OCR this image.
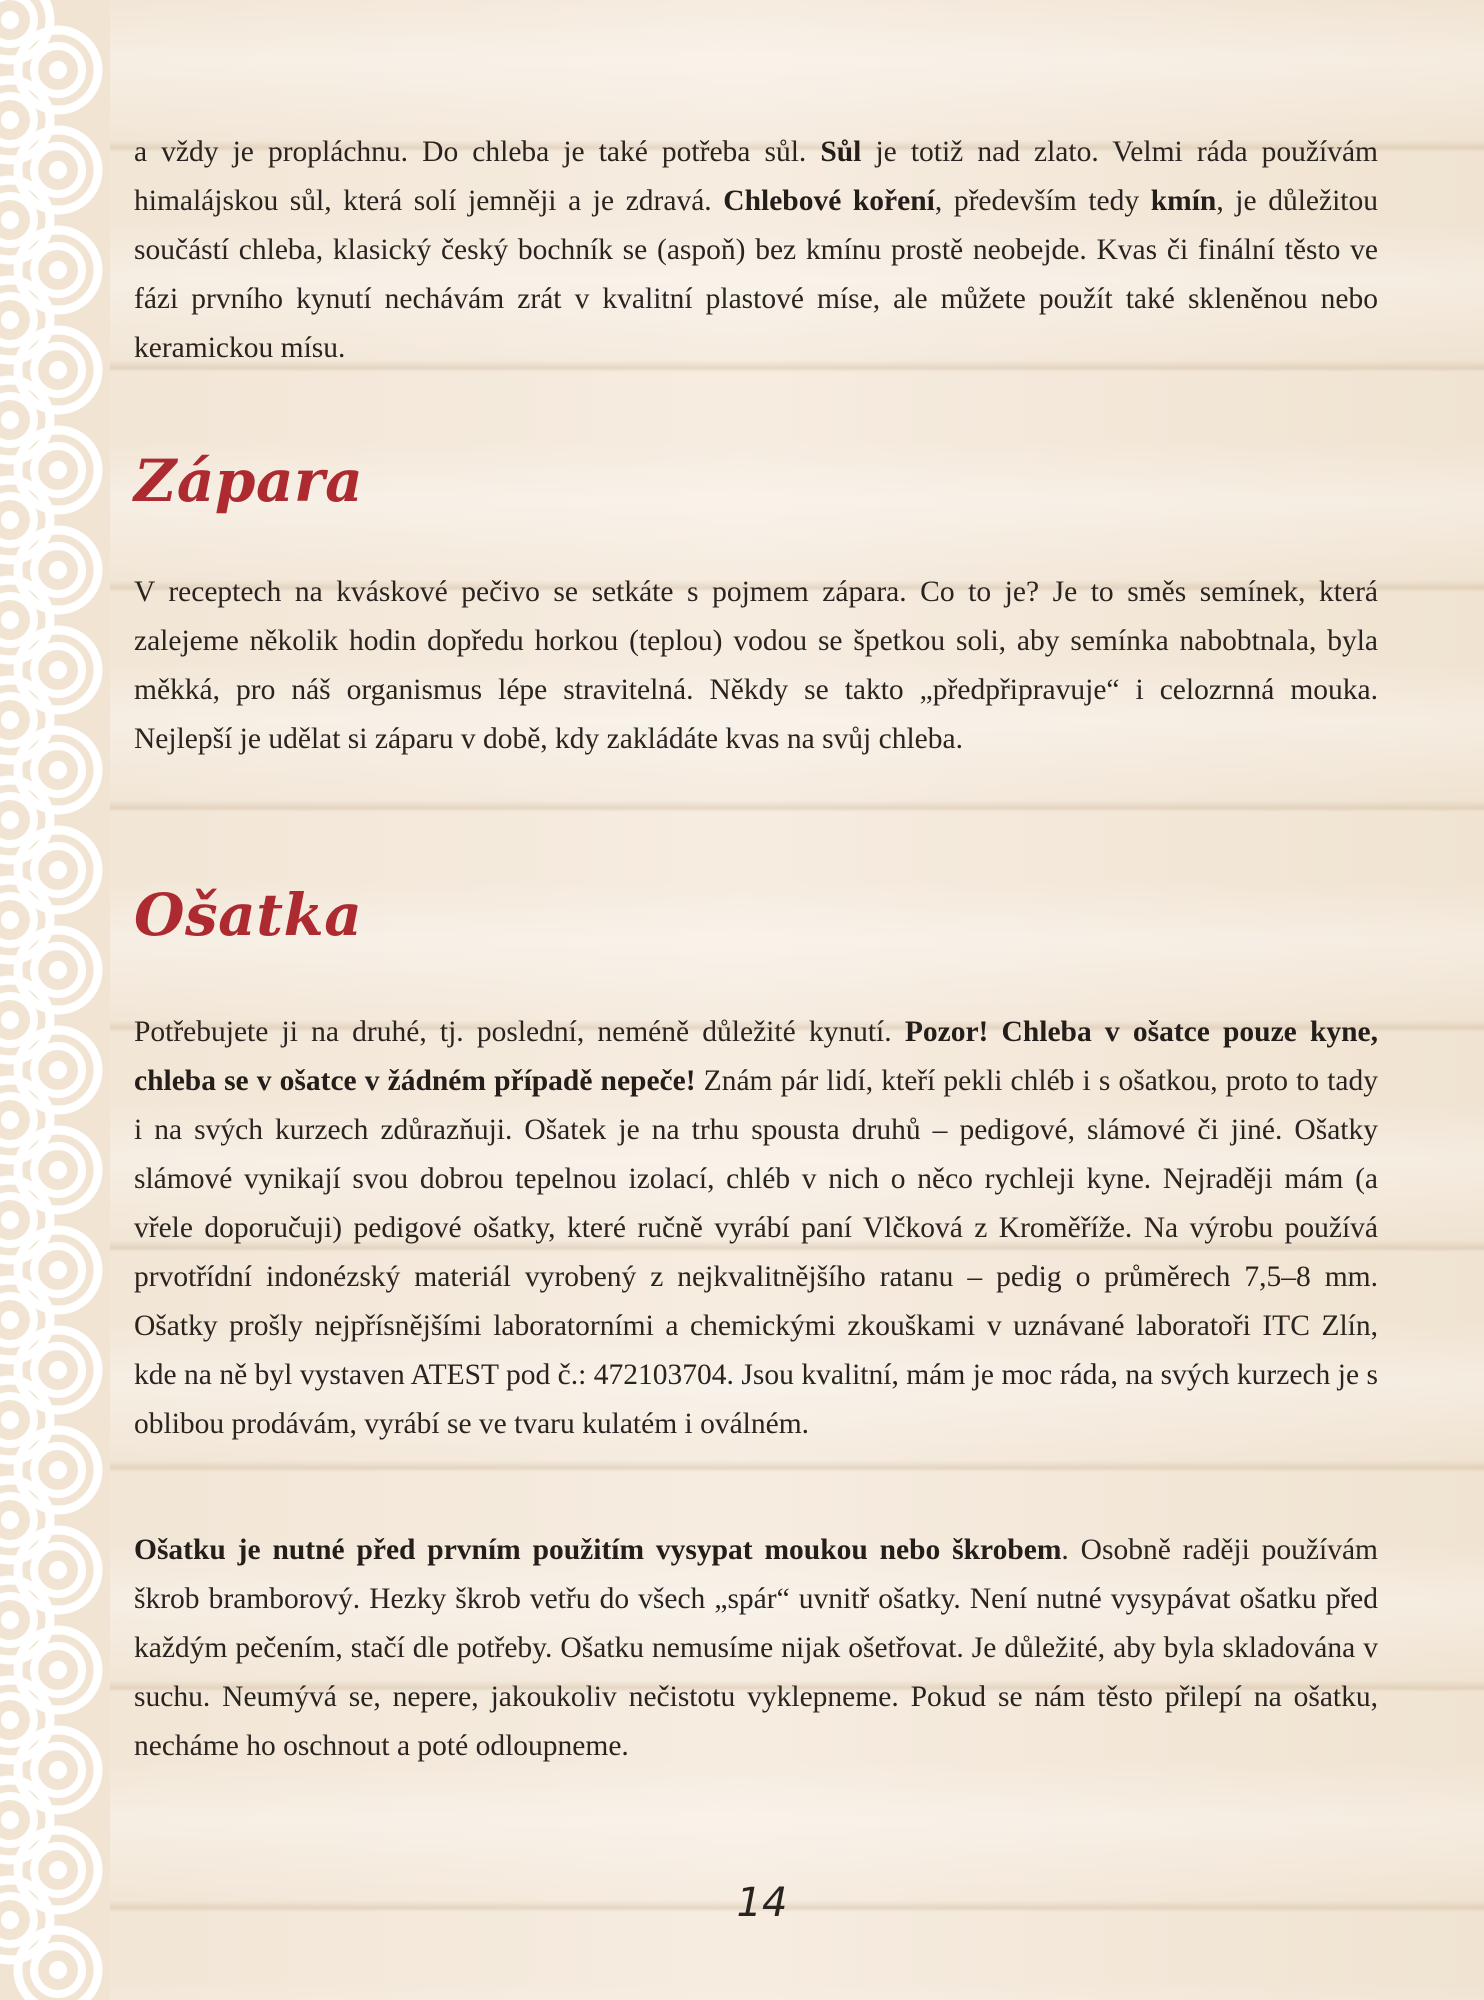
a vždy je propláchnu. Do chleba je také potřeba sůl. Sůl je totiž nad zlato. Velmi ráda používám himalájskou sůl, která solí jemněji a je zdravá. Chlebové koření, především tedy kmín, je důležitou součástí chleba, klasický český bochník se (aspoň) bez kmínu prostě neobejde. Kvas či finální těsto ve fázi prvního kynutí nechávám zrát v kvalitní plastové míse, ale můžete použít také skleněnou nebo keramickou mísu.

Zápara

V receptech na kváskové pečivo se setkáte s pojmem zápara. Co to je? Je to směs semínek, která zalejeme několik hodin dopředu horkou (teplou) vodou se špetkou soli, aby semínka nabobtnala, byla měkká, pro náš organismus lépe stravitelná. Někdy se takto „předpřipravuje“ i celozrnná mouka. Nejlepší je udělat si záparu v době, kdy zakládáte kvas na svůj chleba.

Ošatka

Potřebujete ji na druhé, tj. poslední, neméně důležité kynutí. Pozor! Chleba v ošatce pouze kyne, chleba se v ošatce v žádném případě nepeče! Znám pár lidí, kteří pekli chléb i s ošatkou, proto to tady i na svých kurzech zdůrazňuji. Ošatek je na trhu spousta druhů – pedigové, slámové či jiné. Ošatky slámové vynikají svou dobrou tepelnou izolací, chléb v nich o něco rychleji kyne. Nejraději mám (a vřele doporučuji) pedigové ošatky, které ručně vyrábí paní Vlčková z Kroměříže. Na výrobu používá prvotřídní indonézský materiál vyrobený z nejkvalitnějšího ratanu – pedig o průměrech 7,5–8 mm. Ošatky prošly nejpřísnějšími laboratorními a chemickými zkouškami v uznávané laboratoři ITC Zlín, kde na ně byl vystaven ATEST pod č.: 472103704. Jsou kvalitní, mám je moc ráda, na svých kurzech je s oblibou prodávám, vyrábí se ve tvaru kulatém i oválném.

Ošatku je nutné před prvním použitím vysypat moukou nebo škrobem. Osobně raději používám škrob bramborový. Hezky škrob vetřu do všech „spár“ uvnitř ošatky. Není nutné vysypávat ošatku před každým pečením, stačí dle potřeby. Ošatku nemusíme nijak ošetřovat. Je důležité, aby byla skladována v suchu. Neumývá se, nepere, jakoukoliv nečistotu vyklepneme. Pokud se nám těsto přilepí na ošatku, necháme ho oschnout a poté odloupneme.

14
